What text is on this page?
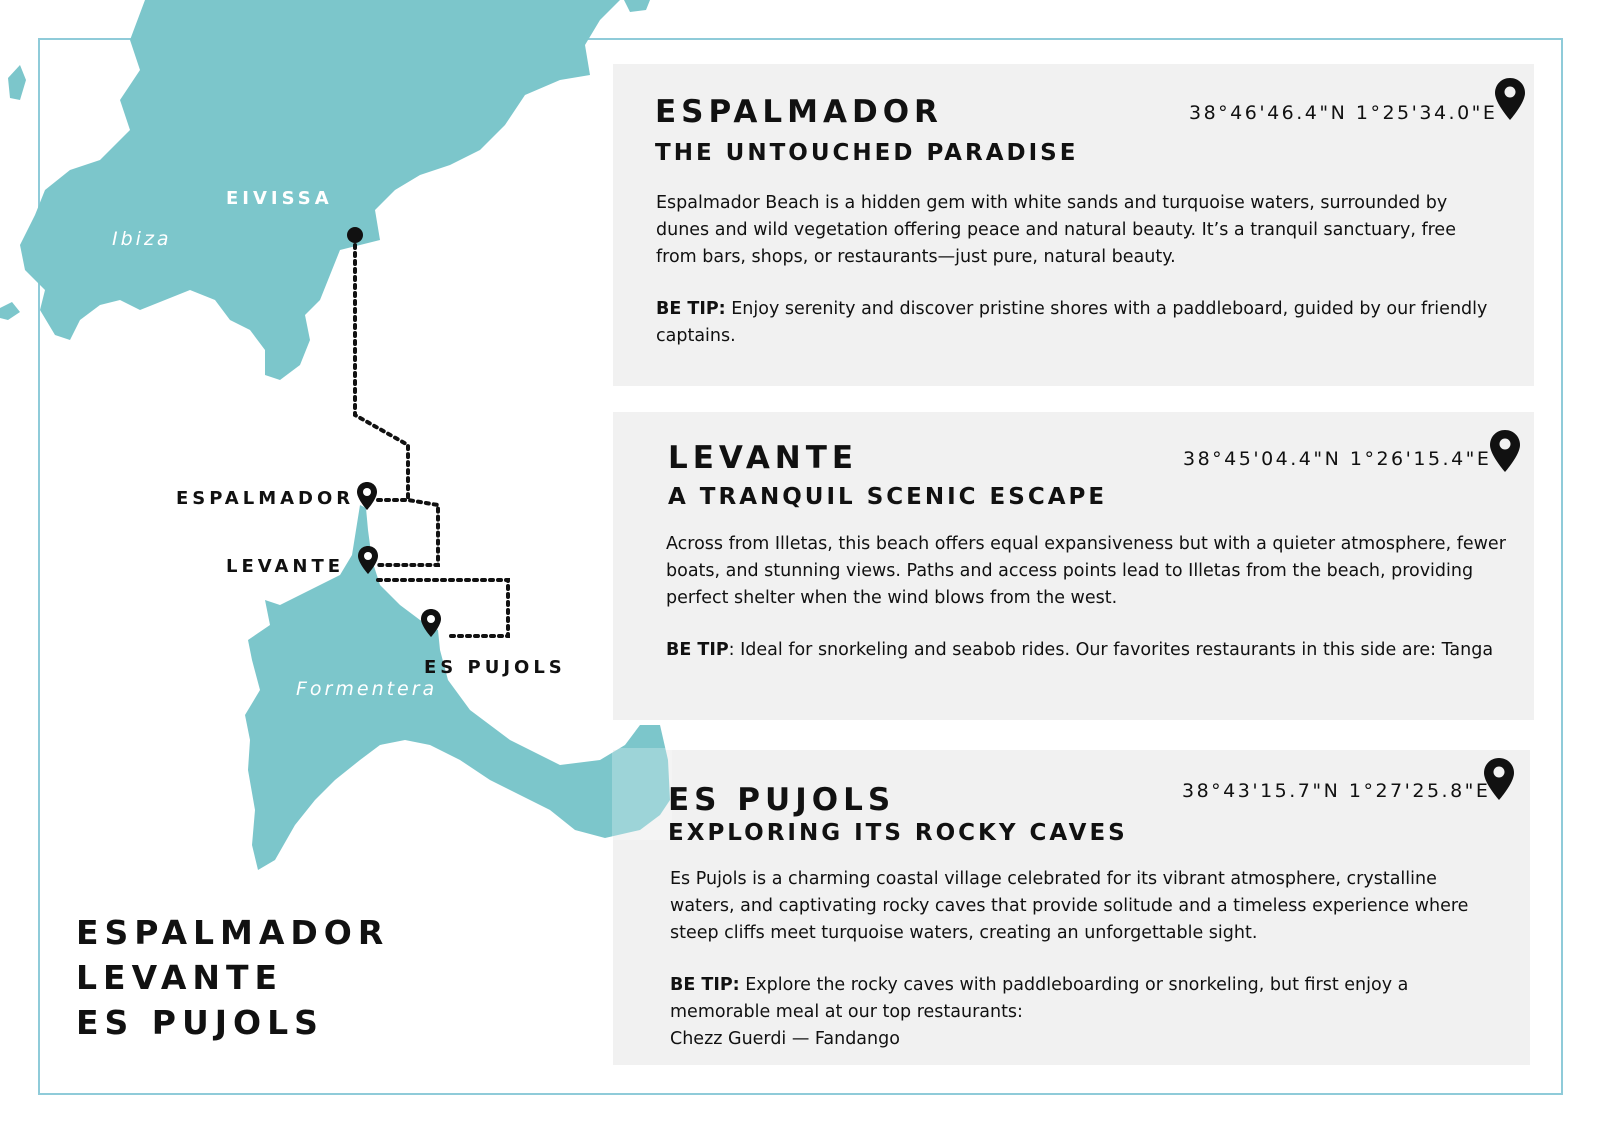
EIVISSA
Ibiza
ESPALMADOR
LEVANTE
ES PUJOLS
Formentera
ESPALMADOR
THE UNTOUCHED PARADISE
38°46'46.4"N 1°25'34.0"E

Espalmador Beach is a hidden gem with white sands and turquoise waters, surrounded by dunes and wild vegetation offering peace and natural beauty. It’s a tranquil sanctuary, free from bars, shops, or restaurants—just pure, natural beauty.

BE TIP: Enjoy serenity and discover pristine shores with a paddleboard, guided by our friendly captains.

LEVANTE
A TRANQUIL SCENIC ESCAPE
38°45'04.4"N 1°26'15.4"E

Across from Illetas, this beach offers equal expansiveness but with a quieter atmosphere, fewer boats, and stunning views. Paths and access points lead to Illetas from the beach, providing perfect shelter when the wind blows from the west.

BE TIP: Ideal for snorkeling and seabob rides. Our favorites restaurants in this side are: Tanga

ES PUJOLS
EXPLORING ITS ROCKY CAVES
38°43'15.7"N 1°27'25.8"E

Es Pujols is a charming coastal village celebrated for its vibrant atmosphere, crystalline waters, and captivating rocky caves that provide solitude and a timeless experience where steep cliffs meet turquoise waters, creating an unforgettable sight.

BE TIP: Explore the rocky caves with paddleboarding or snorkeling, but first enjoy a memorable meal at our top restaurants:
Chezz Guerdi — Fandango

ESPALMADOR
LEVANTE
ES PUJOLS
